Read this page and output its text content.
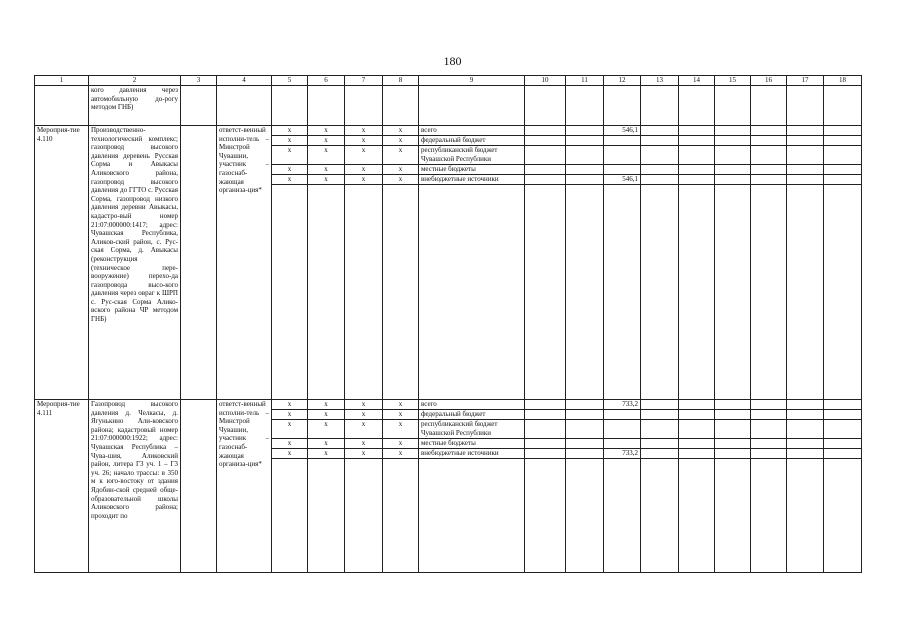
180
1	2	3	4	5	6	7	8	9	10	11	12	13	14	15	16	17	18
	кого давления через автомобильную до-рогу методом ГНБ)																
Мероприя-тие 4.110	Производственно-технологический комплекс; газопровод высокого давления деревень Русская Сорма и Авыкасы Аликовского района, газопровод высокого давления до ГГТО с. Русская Сорма, газопровод низкого давления деревни Авыкасы, кадастро-вый номер 21:07:000000:1417; адрес: Чувашская Республика, Аликов-ский район, с. Рус-ская Сорма, д. Авыкасы (реконструкция (техническое пере-вооружение) перехо-да газопровода высо-кого давления через овраг к ШРП с. Рус-ская Сорма Алико-вского района ЧР методом ГНБ)		ответст-венный исполни-тель – Минстрой Чувашии, участник – газоснаб-жающая организа-ция*	х	х	х	х	всего			546,1						
				х	х	х	х	федеральный бюджет									
				х	х	х	х	республиканский бюджет Чувашской Республики									
				х	х	х	х	местные бюджеты									
				х	х	х	х	внебюджетные источники			546,1						

Мероприя-тие 4.111	Газопровод высокого давления д. Челкасы, д. Ягунькино Али-ковского района; кадастровый номер 21:07:000000:1922; адрес: Чувашская Республика – Чува-шия, Аликовский район, литера Г3 уч. 1 – Г3 уч. 26; начало трассы: в 350 м к юго-востоку от здания Ядобин-ской средней обще-образовательной школы Аликовского района; проходит по		ответст-венный исполни-тель – Минстрой Чувашии, участник – газоснаб-жающая организа-ция*	х	х	х	х	всего			733,2						
				х	х	х	х	федеральный бюджет									
				х	х	х	х	республиканский бюджет Чувашской Республики									
				х	х	х	х	местные бюджеты									
				х	х	х	х	внебюджетные источники			733,2						
